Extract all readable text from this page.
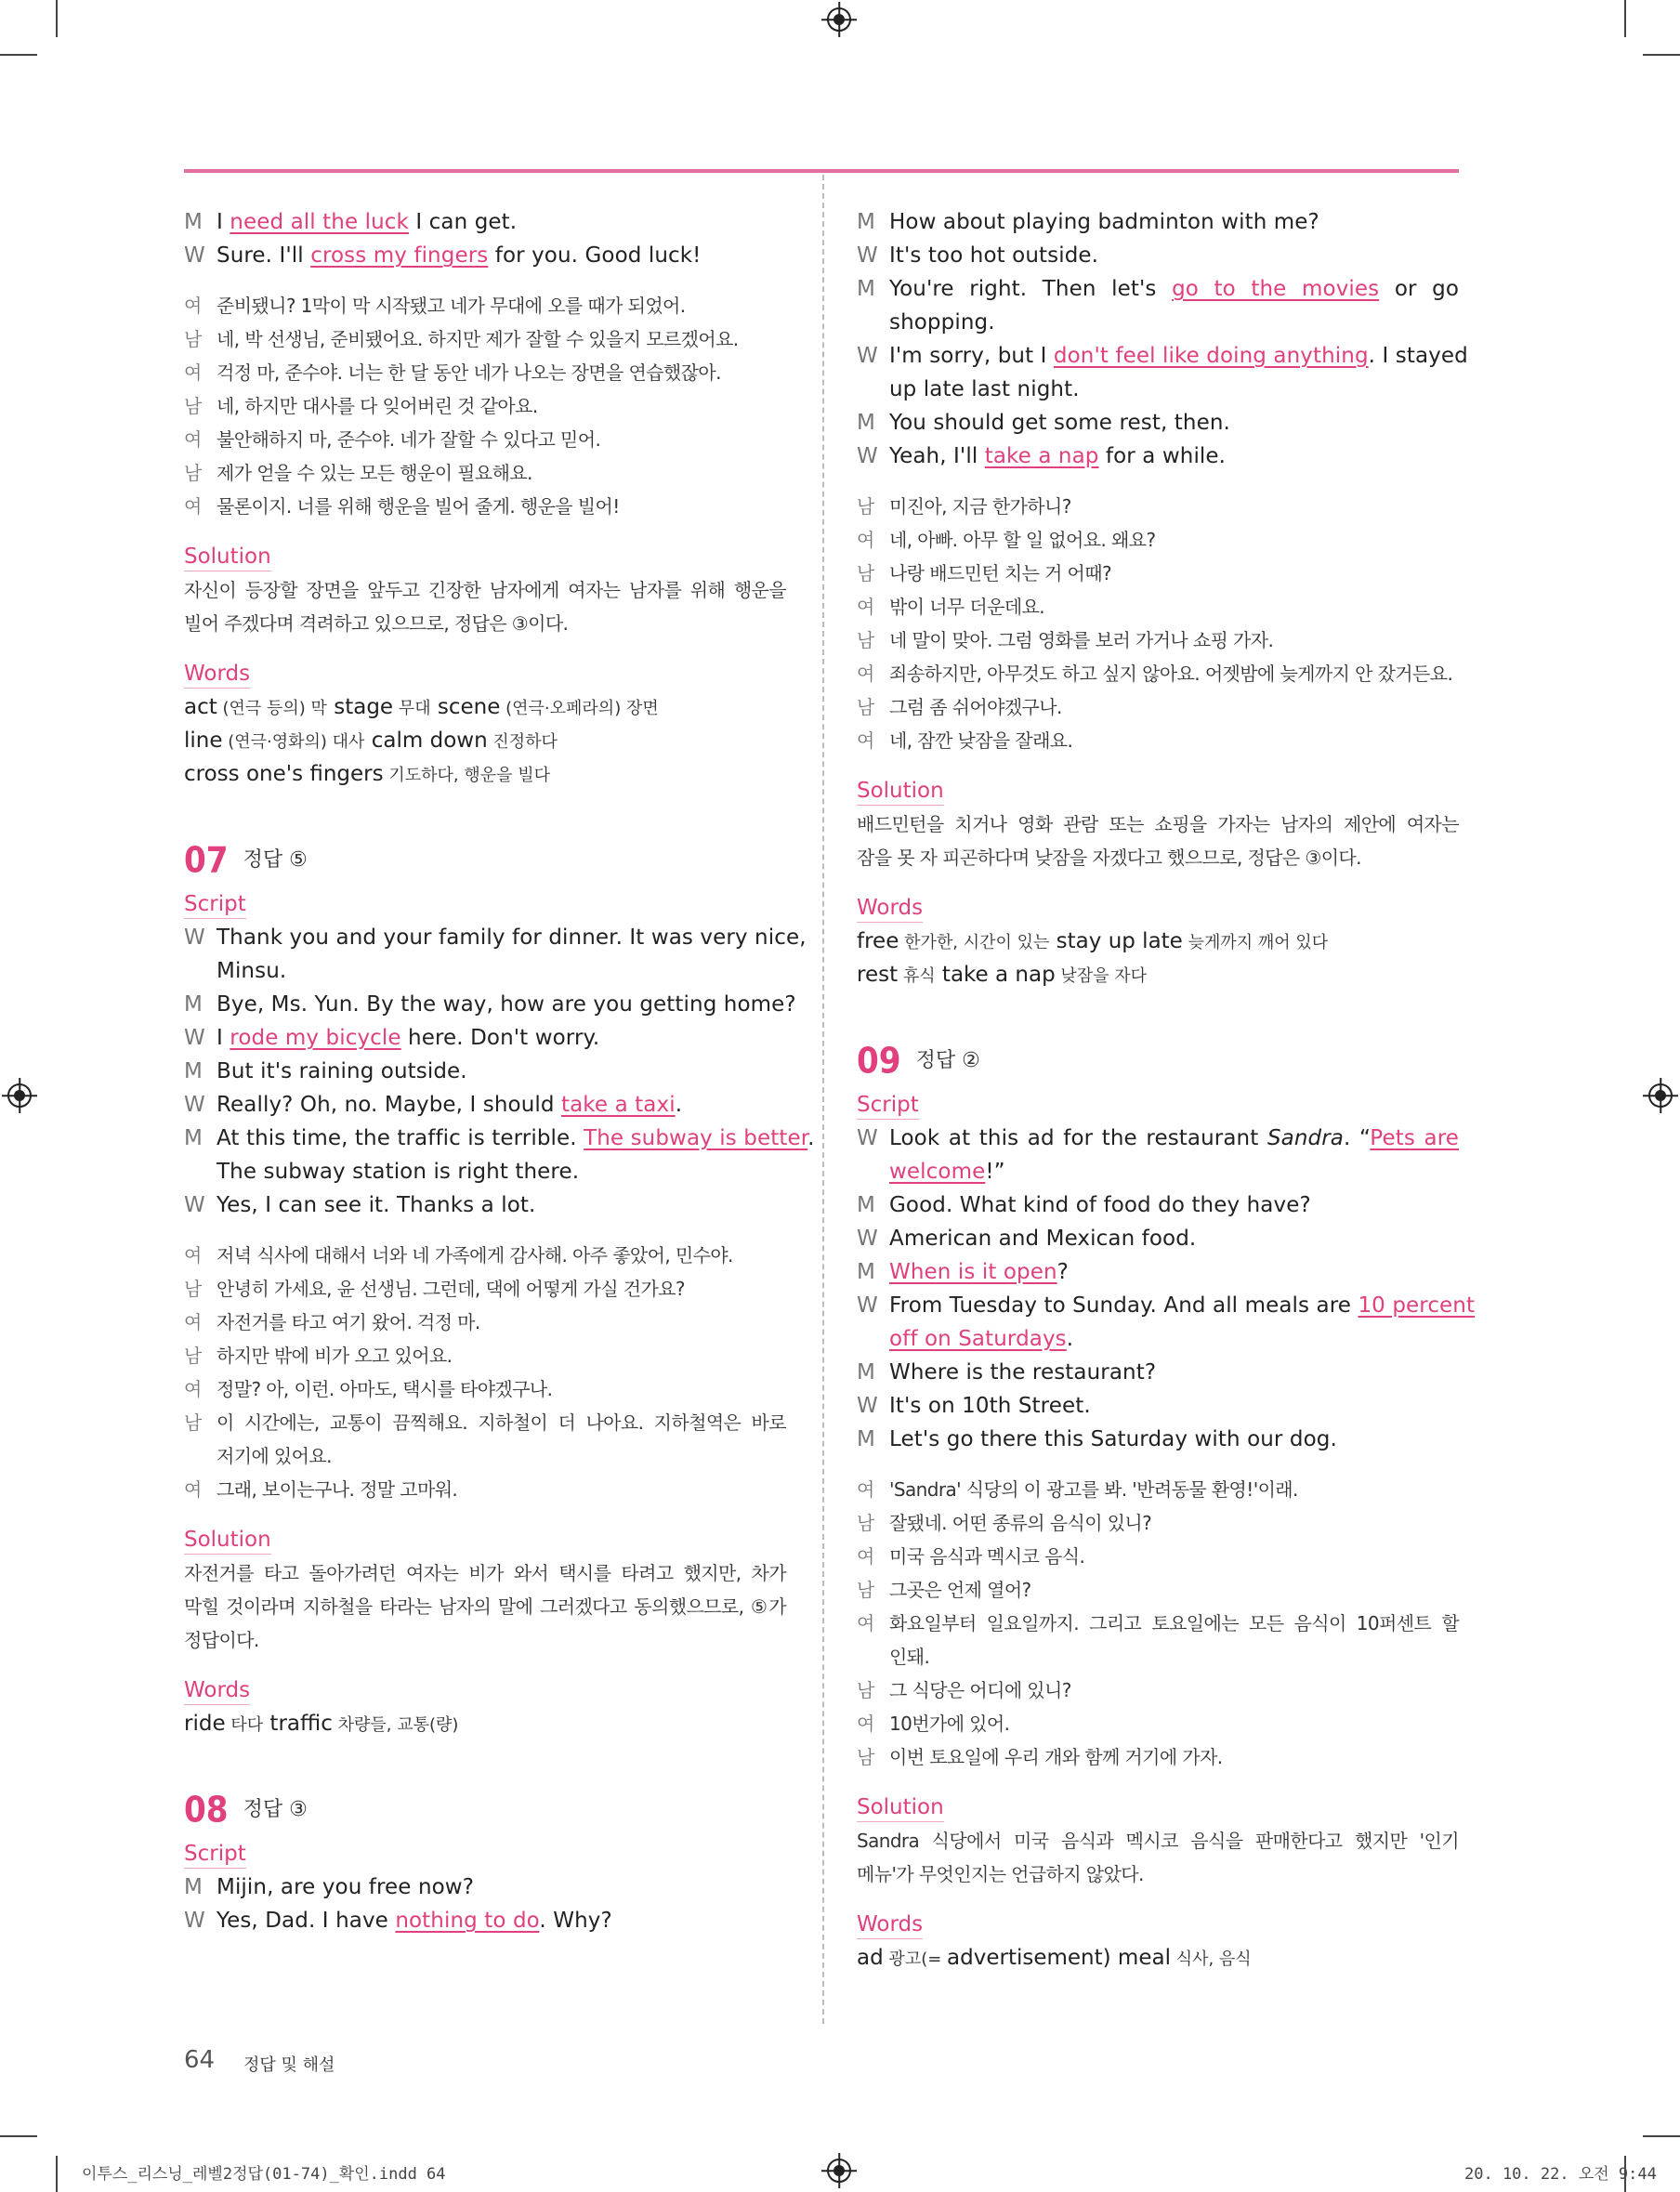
M I need all the luck I can get.
W Sure. I'll cross my fingers for you. Good luck!
여 준비됐니? 1막이 막 시작됐고 네가 무대에 오를 때가 되었어.
남 네, 박 선생님, 준비됐어요. 하지만 제가 잘할 수 있을지 모르겠어요.
여 걱정 마, 준수야. 너는 한 달 동안 네가 나오는 장면을 연습했잖아.
남 네, 하지만 대사를 다 잊어버린 것 같아요.
여 불안해하지 마, 준수야. 네가 잘할 수 있다고 믿어.
남 제가 얻을 수 있는 모든 행운이 필요해요.
여 물론이지. 너를 위해 행운을 빌어 줄게. 행운을 빌어!
Solution
자신이 등장할 장면을 앞두고 긴장한 남자에게 여자는 남자를 위해 행운을
빌어 주겠다며 격려하고 있으므로, 정답은 ③이다.
Words
act (연극 등의) 막 stage 무대 scene (연극·오페라의) 장면
line (연극·영화의) 대사 calm down 진정하다
cross one's fingers 기도하다, 행운을 빌다
07 정답 ⑤
Script
W Thank you and your family for dinner. It was very nice,
Minsu.
M Bye, Ms. Yun. By the way, how are you getting home?
W I rode my bicycle here. Don't worry.
M But it's raining outside.
W Really? Oh, no. Maybe, I should take a taxi.
M At this time, the traffic is terrible. The subway is better.
The subway station is right there.
W Yes, I can see it. Thanks a lot.
여 저녁 식사에 대해서 너와 네 가족에게 감사해. 아주 좋았어, 민수야.
남 안녕히 가세요, 윤 선생님. 그런데, 댁에 어떻게 가실 건가요?
여 자전거를 타고 여기 왔어. 걱정 마.
남 하지만 밖에 비가 오고 있어요.
여 정말? 아, 이런. 아마도, 택시를 타야겠구나.
남 이 시간에는, 교통이 끔찍해요. 지하철이 더 나아요. 지하철역은 바로
저기에 있어요.
여 그래, 보이는구나. 정말 고마워.
Solution
자전거를 타고 돌아가려던 여자는 비가 와서 택시를 타려고 했지만, 차가
막힐 것이라며 지하철을 타라는 남자의 말에 그러겠다고 동의했으므로, ⑤가
정답이다.
Words
ride 타다 traffic 차량들, 교통(량)
08 정답 ③
Script
M Mijin, are you free now?
W Yes, Dad. I have nothing to do. Why?
M How about playing badminton with me?
W It's too hot outside.
M You're right. Then let's go to the movies or go
shopping.
W I'm sorry, but I don't feel like doing anything. I stayed
up late last night.
M You should get some rest, then.
W Yeah, I'll take a nap for a while.
남 미진아, 지금 한가하니?
여 네, 아빠. 아무 할 일 없어요. 왜요?
남 나랑 배드민턴 치는 거 어때?
여 밖이 너무 더운데요.
남 네 말이 맞아. 그럼 영화를 보러 가거나 쇼핑 가자.
여 죄송하지만, 아무것도 하고 싶지 않아요. 어젯밤에 늦게까지 안 잤거든요.
남 그럼 좀 쉬어야겠구나.
여 네, 잠깐 낮잠을 잘래요.
Solution
배드민턴을 치거나 영화 관람 또는 쇼핑을 가자는 남자의 제안에 여자는
잠을 못 자 피곤하다며 낮잠을 자겠다고 했으므로, 정답은 ③이다.
Words
free 한가한, 시간이 있는 stay up late 늦게까지 깨어 있다
rest 휴식 take a nap 낮잠을 자다
09 정답 ②
Script
W Look at this ad for the restaurant Sandra. “Pets are
welcome!”
M Good. What kind of food do they have?
W American and Mexican food.
M When is it open?
W From Tuesday to Sunday. And all meals are 10 percent
off on Saturdays.
M Where is the restaurant?
W It's on 10th Street.
M Let's go there this Saturday with our dog.
여 'Sandra' 식당의 이 광고를 봐. '반려동물 환영!'이래.
남 잘됐네. 어떤 종류의 음식이 있니?
여 미국 음식과 멕시코 음식.
남 그곳은 언제 열어?
여 화요일부터 일요일까지. 그리고 토요일에는 모든 음식이 10퍼센트 할
인돼.
남 그 식당은 어디에 있니?
여 10번가에 있어.
남 이번 토요일에 우리 개와 함께 거기에 가자.
Solution
Sandra 식당에서 미국 음식과 멕시코 음식을 판매한다고 했지만 '인기
메뉴'가 무엇인지는 언급하지 않았다.
Words
ad 광고(= advertisement) meal 식사, 음식
64 정답 및 해설
이투스_리스닝_레벨2정답(01-74)_확인.indd 64	20. 10. 22. 오전 9:44
